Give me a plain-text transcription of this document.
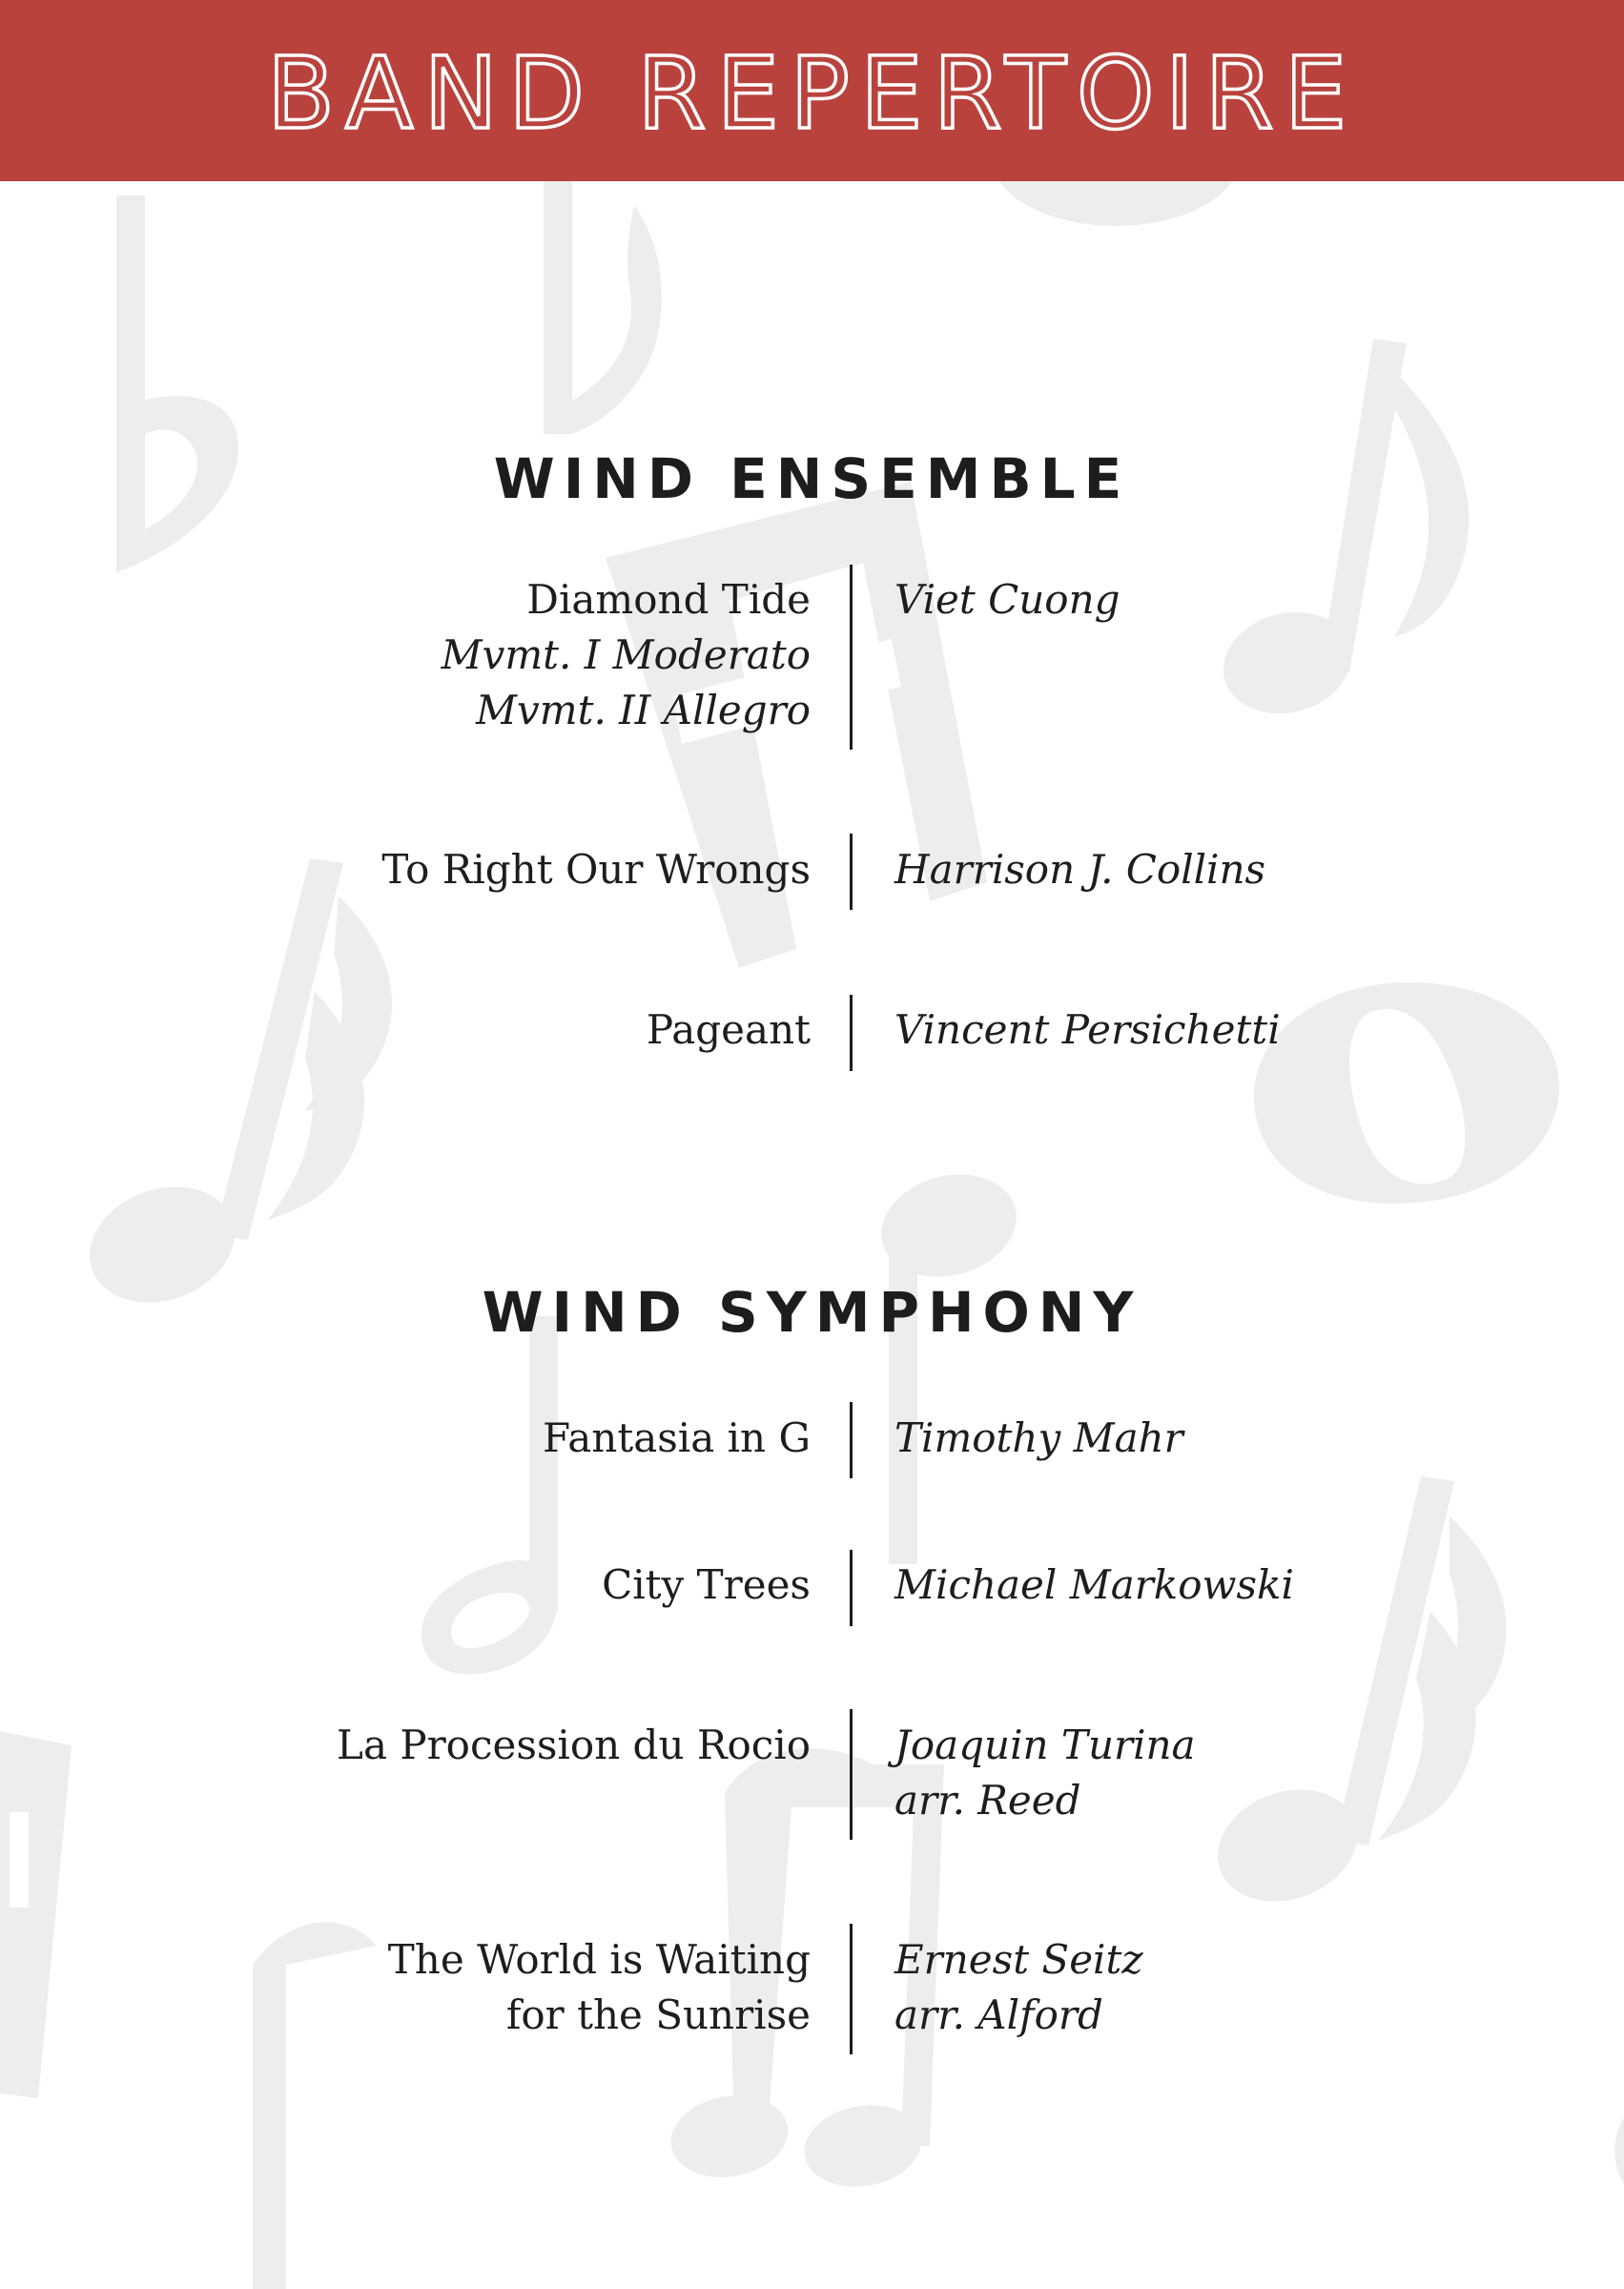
BAND REPERTOIRE
WIND ENSEMBLE
Diamond Tide
Mvmt. I Moderato
Mvmt. II Allegro
Viet Cuong
To Right Our Wrongs Harrison J. Collins
Pageant Vincent Persichetti
WIND SYMPHONY
Fantasia in G Timothy Mahr
City Trees Michael Markowski
La Procession du Rocio Joaquin Turina
arr. Reed
The World is Waiting
for the Sunrise
Ernest Seitz
arr. Alford
